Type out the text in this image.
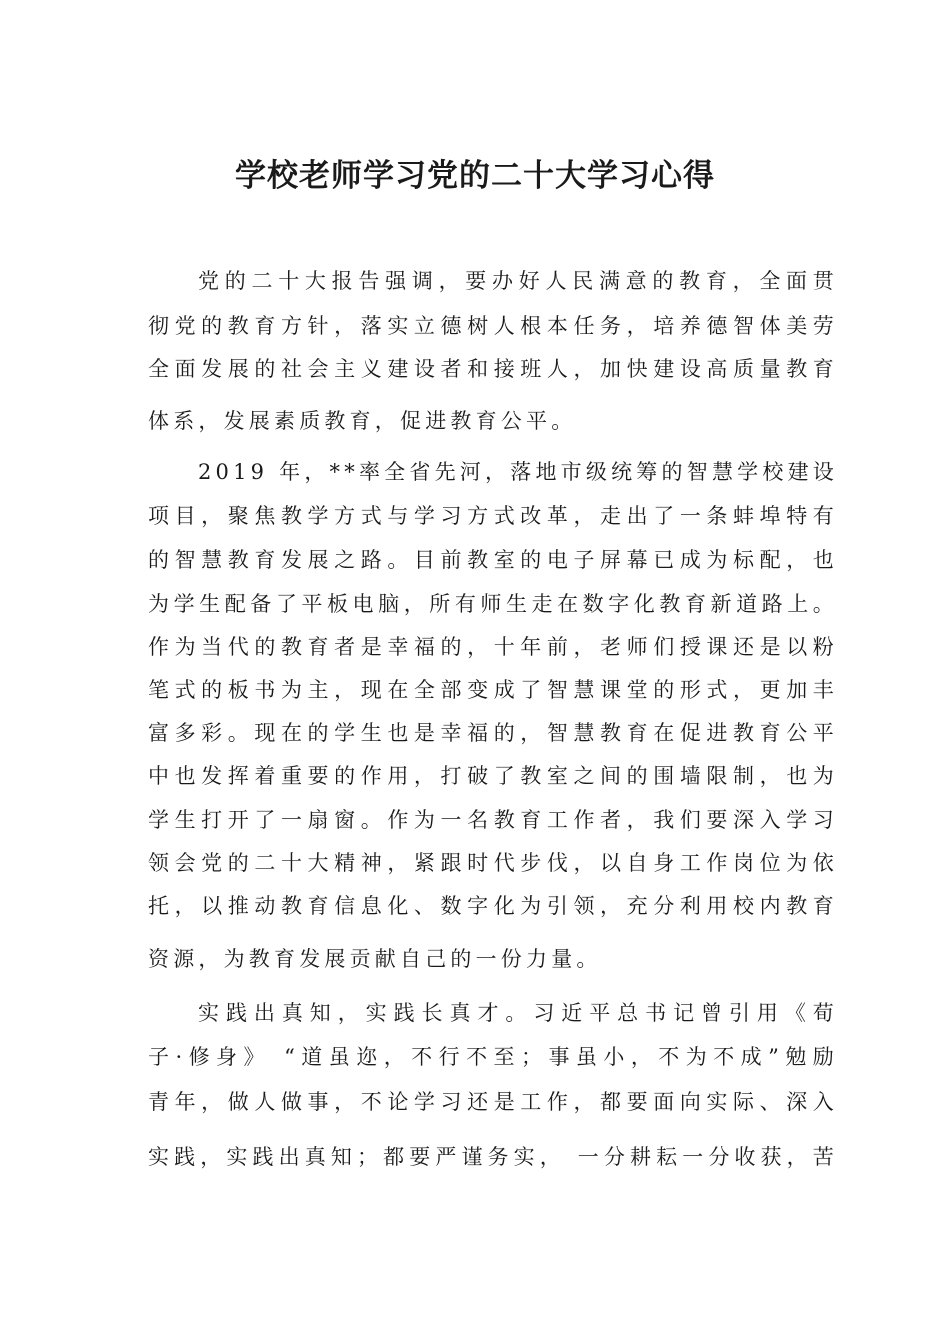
学校老师学习党的二十大学习心得
党的二十大报告强调，要办好人民满意的教育，全面贯
彻党的教育方针，落实立德树人根本任务，培养德智体美劳
全面发展的社会主义建设者和接班人，加快建设高质量教育
体系，发展素质教育，促进教育公平。
2019 年，**率全省先河，落地市级统筹的智慧学校建设
项目，聚焦教学方式与学习方式改革，走出了一条蚌埠特有
的智慧教育发展之路。目前教室的电子屏幕已成为标配，也
为学生配备了平板电脑，所有师生走在数字化教育新道路上。
作为当代的教育者是幸福的，十年前，老师们授课还是以粉
笔式的板书为主，现在全部变成了智慧课堂的形式，更加丰
富多彩。现在的学生也是幸福的，智慧教育在促进教育公平
中也发挥着重要的作用，打破了教室之间的围墙限制，也为
学生打开了一扇窗。作为一名教育工作者，我们要深入学习
领会党的二十大精神，紧跟时代步伐，以自身工作岗位为依
托，以推动教育信息化、数字化为引领，充分利用校内教育
资源，为教育发展贡献自己的一份力量。
实践出真知，实践长真才。习近平总书记曾引用《荀
子·修身》 “道虽迩，不行不至；事虽小，不为不成”勉励
青年，做人做事，不论学习还是工作，都要面向实际、深入
实践，实践出真知；都要严谨务实， 一分耕耘一分收获，苦
